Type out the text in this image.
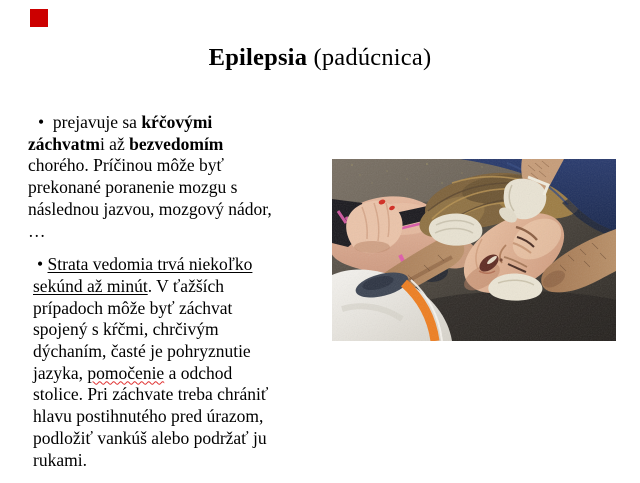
Epilepsia (padúcnica)
•  prejavuje sa kŕčovými
záchvatmi až bezvedomím
chorého. Príčinou môže byť
prekonané poranenie mozgu s
následnou jazvou, mozgový nádor,
…
• Strata vedomia trvá niekoľko
sekúnd až minút. V ťažších
prípadoch môže byť záchvat
spojený s kŕčmi, chrčivým
dýchaním, časté je pohryznutie
jazyka, pomočenie a odchod
stolice. Pri záchvate treba chrániť
hlavu postihnutého pred úrazom,
podložiť vankúš alebo podržať ju
rukami.
